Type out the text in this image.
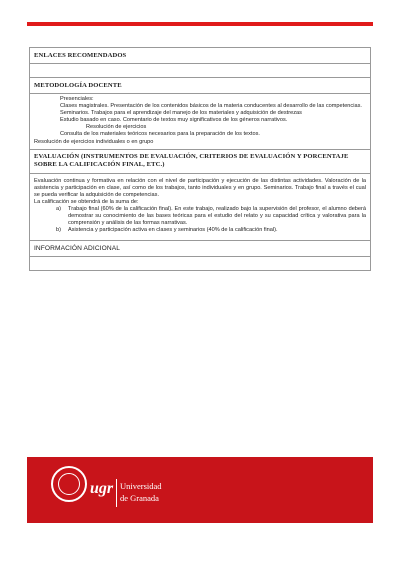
ENLACES RECOMENDADOS
METODOLOGÍA DOCENTE
Presenciales:
Clases magistrales. Presentación de los contenidos básicos de la materia conducentes al desarrollo de las competencias.
Seminarios. Trabajos para el aprendizaje del manejo de los materiales y adquisición de destrezas
Estudio basado en caso. Comentario de textos muy significativos de los géneros narrativos.
Resolución de ejercicios
Consulta de los materiales teóricos necesarios para la preparación de los textos.
Resolución de ejercicios individuales o en grupo
EVALUACIÓN (INSTRUMENTOS DE EVALUACIÓN, CRITERIOS DE EVALUACIÓN Y PORCENTAJE SOBRE LA CALIFICACIÓN FINAL, ETC.)
Evaluación continua y formativa en relación con el nivel de participación y ejecución de las distintas actividades. Valoración de la asistencia y participación en clase, así como de los trabajos, tanto individuales y en grupo. Seminarios. Trabajo final a través el cual se pueda verificar la adquisición de competencias.
La calificación se obtendrá de la suma de:
a)	Trabajo final (60% de la calificación final). En este trabajo, realizado bajo la supervisión del profesor, el alumno deberá demostrar su conocimiento de las bases teóricas para el estudio del relato y su capacidad crítica y valorativa para la comprensión y análisis de las formas narrativas.
b)	Asistencia y participación activa en clases y seminarios (40% de la calificación final).
INFORMACIÓN ADICIONAL
ugr Universidad
de Granada
